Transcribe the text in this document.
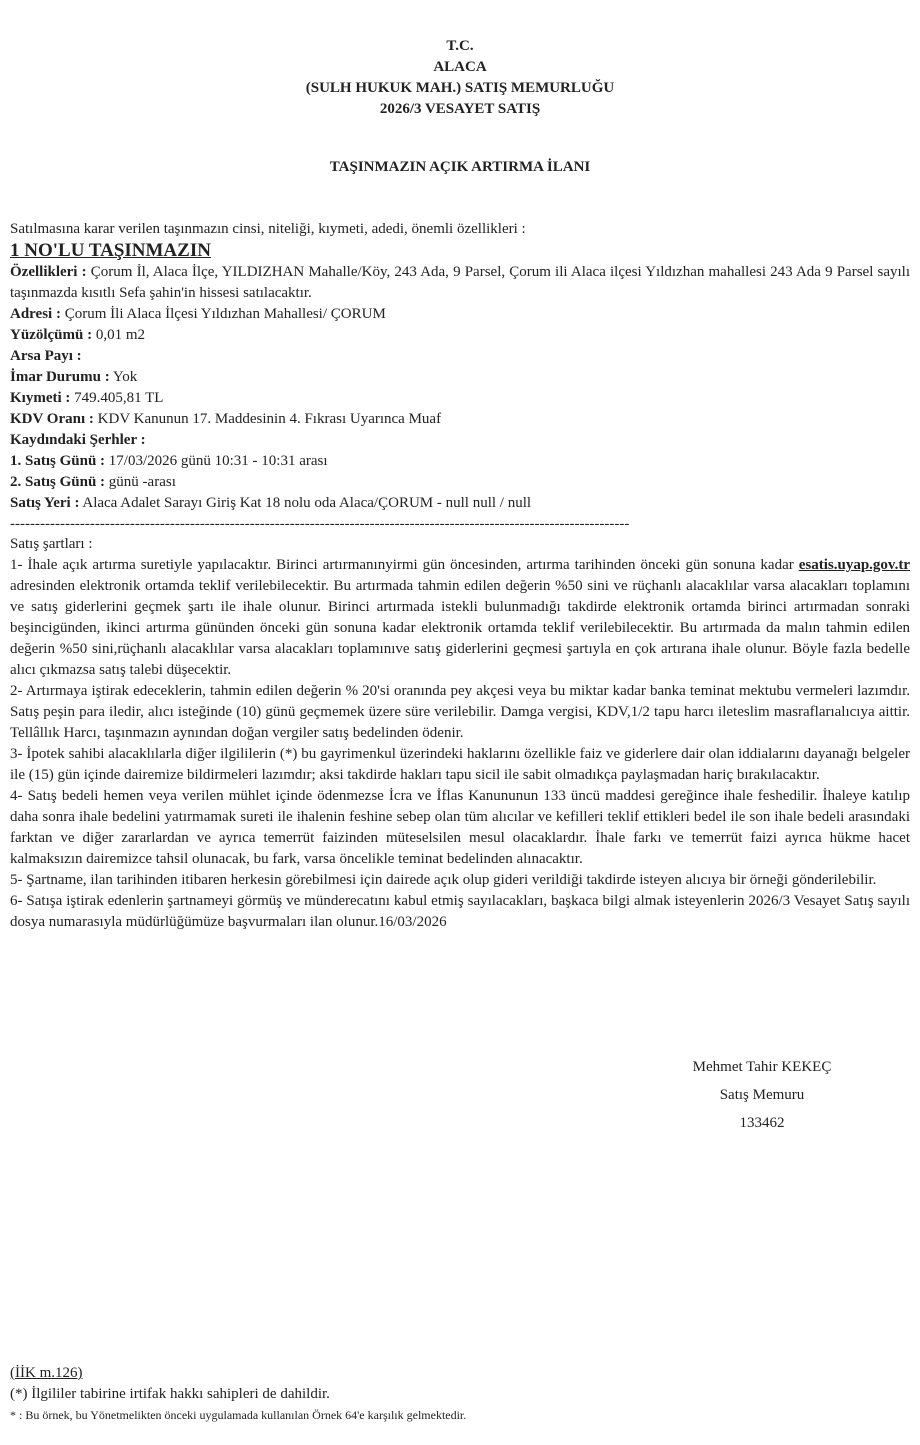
T.C.
ALACA
(SULH HUKUK MAH.) SATIŞ MEMURLUĞU
2026/3 VESAYET SATIŞ
TAŞINMAZIN AÇIK ARTIRMA İLANI

Satılmasına karar verilen taşınmazın cinsi, niteliği, kıymeti, adedi, önemli özellikleri :

1 NO'LU TAŞINMAZIN

Özellikleri : Çorum İl, Alaca İlçe, YILDIZHAN Mahalle/Köy, 243 Ada, 9 Parsel, Çorum ili Alaca ilçesi Yıldızhan mahallesi 243 Ada 9 Parsel sayılı taşınmazda kısıtlı Sefa şahin'in hissesi satılacaktır.

Adresi : Çorum İli Alaca İlçesi Yıldızhan Mahallesi/ ÇORUM

Yüzölçümü : 0,01 m2

Arsa Payı :

İmar Durumu : Yok

Kıymeti : 749.405,81 TL

KDV Oranı : KDV Kanunun 17. Maddesinin 4. Fıkrası Uyarınca Muaf

Kaydındaki Şerhler :

1. Satış Günü : 17/03/2026 günü 10:31 - 10:31 arası

2. Satış Günü : günü -arası

Satış Yeri : Alaca Adalet Sarayı Giriş Kat 18 nolu oda Alaca/ÇORUM - null null / null

----------------------------------------------------------------------------------------------------------------------------

Satış şartları :

1- İhale açık artırma suretiyle yapılacaktır. Birinci artırmanınyirmi gün öncesinden, artırma tarihinden önceki gün sonuna kadar esatis.uyap.gov.tr adresinden elektronik ortamda teklif verilebilecektir. Bu artırmada tahmin edilen değerin %50 sini ve rüçhanlı alacaklılar varsa alacakları toplamını ve satış giderlerini geçmek şartı ile ihale olunur. Birinci artırmada istekli bulunmadığı takdirde elektronik ortamda birinci artırmadan sonraki beşincigünden, ikinci artırma gününden önceki gün sonuna kadar elektronik ortamda teklif verilebilecektir. Bu artırmada da malın tahmin edilen değerin %50 sini,rüçhanlı alacaklılar varsa alacakları toplamınıve satış giderlerini geçmesi şartıyla en çok artırana ihale olunur. Böyle fazla bedelle alıcı çıkmazsa satış talebi düşecektir.

2- Artırmaya iştirak edeceklerin, tahmin edilen değerin % 20'si oranında pey akçesi veya bu miktar kadar banka teminat mektubu vermeleri lazımdır. Satış peşin para iledir, alıcı isteğinde (10) günü geçmemek üzere süre verilebilir. Damga vergisi, KDV,1/2 tapu harcı ileteslim masraflarıalıcıya aittir. Tellâllık Harcı, taşınmazın aynından doğan vergiler satış bedelinden ödenir.

3- İpotek sahibi alacaklılarla diğer ilgililerin (*) bu gayrimenkul üzerindeki haklarını özellikle faiz ve giderlere dair olan iddialarını dayanağı belgeler ile (15) gün içinde dairemize bildirmeleri lazımdır; aksi takdirde hakları tapu sicil ile sabit olmadıkça paylaşmadan hariç bırakılacaktır.

4- Satış bedeli hemen veya verilen mühlet içinde ödenmezse İcra ve İflas Kanununun 133 üncü maddesi gereğince ihale feshedilir. İhaleye katılıp daha sonra ihale bedelini yatırmamak sureti ile ihalenin feshine sebep olan tüm alıcılar ve kefilleri teklif ettikleri bedel ile son ihale bedeli arasındaki farktan ve diğer zararlardan ve ayrıca temerrüt faizinden müteselsilen mesul olacaklardır. İhale farkı ve temerrüt faizi ayrıca hükme hacet kalmaksızın dairemizce tahsil olunacak, bu fark, varsa öncelikle teminat bedelinden alınacaktır.

5- Şartname, ilan tarihinden itibaren herkesin görebilmesi için dairede açık olup gideri verildiği takdirde isteyen alıcıya bir örneği gönderilebilir.

6- Satışa iştirak edenlerin şartnameyi görmüş ve münderecatını kabul etmiş sayılacakları, başkaca bilgi almak isteyenlerin 2026/3 Vesayet Satış sayılı dosya numarasıyla müdürlüğümüze başvurmaları ilan olunur.16/03/2026

Mehmet Tahir KEKEÇ
Satış Memuru
133462
(İİK m.126)
(*) İlgililer tabirine irtifak hakkı sahipleri de dahildir.
* : Bu örnek, bu Yönetmelikten önceki uygulamada kullanılan Örnek 64'e karşılık gelmektedir.
